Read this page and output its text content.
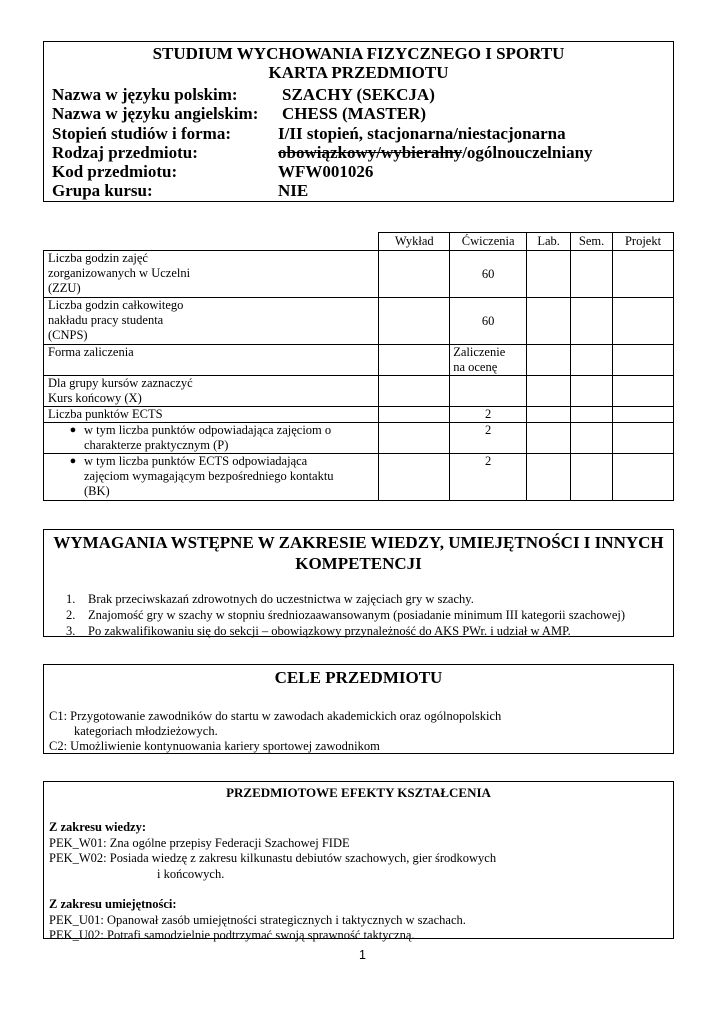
STUDIUM WYCHOWANIA FIZYCZNEGO I SPORTU
KARTA PRZEDMIOTU
Nazwa w języku polskim:	SZACHY (SEKCJA)
Nazwa w języku angielskim: CHESS (MASTER)
Stopień studiów i forma:	I/II stopień, stacjonarna/niestacjonarna
Rodzaj przedmiotu:	obowiązkowy/wybieralny/ogólnouczelniany
Kod przedmiotu:	WFW001026
Grupa kursu:	NIE
	Wykład	Ćwiczenia	Lab.	Sem.	Projekt

Liczba godzin zajęć
zorganizowanych w Uczelni
(ZZU)		60			

Liczba godzin całkowitego
nakładu pracy studenta
(CNPS)		60			
Forma zaliczenia		Zaliczenie
na ocenę			

Dla grupy kursów zaznaczyć
Kurs końcowy (X)					

Liczba punktów ECTS		2			

● w tym liczba punktów odpowiadająca zajęciom o
charakterze praktycznym (P)		2			

● w tym liczba punktów ECTS odpowiadająca
zajęciom wymagającym bezpośredniego kontaktu
(BK)		2			
WYMAGANIA WSTĘPNE W ZAKRESIE WIEDZY, UMIEJĘTNOŚCI I INNYCH
KOMPETENCJI
1. Brak przeciwskazań zdrowotnych do uczestnictwa w zajęciach gry w szachy.
2. Znajomość gry w szachy w stopniu średniozaawansowanym (posiadanie minimum III kategorii szachowej)
3. Po zakwalifikowaniu się do sekcji – obowiązkowy przynależność do AKS PWr. i udział w AMP.
CELE PRZEDMIOTU
C1: Przygotowanie zawodników do startu w zawodach akademickich oraz ogólnopolskich
kategoriach młodzieżowych.
C2: Umożliwienie kontynuowania kariery sportowej zawodnikom
PRZEDMIOTOWE EFEKTY KSZTAŁCENIA
Z zakresu wiedzy:
PEK_W01: Zna ogólne przepisy Federacji Szachowej FIDE
PEK_W02: Posiada wiedzę z zakresu kilkunastu debiutów szachowych, gier środkowych
i końcowych.
Z zakresu umiejętności:
PEK_U01: Opanował zasób umiejętności strategicznych i taktycznych w szachach.
PEK_U02: Potrafi samodzielnie podtrzymać swoją sprawność taktyczną.
1
